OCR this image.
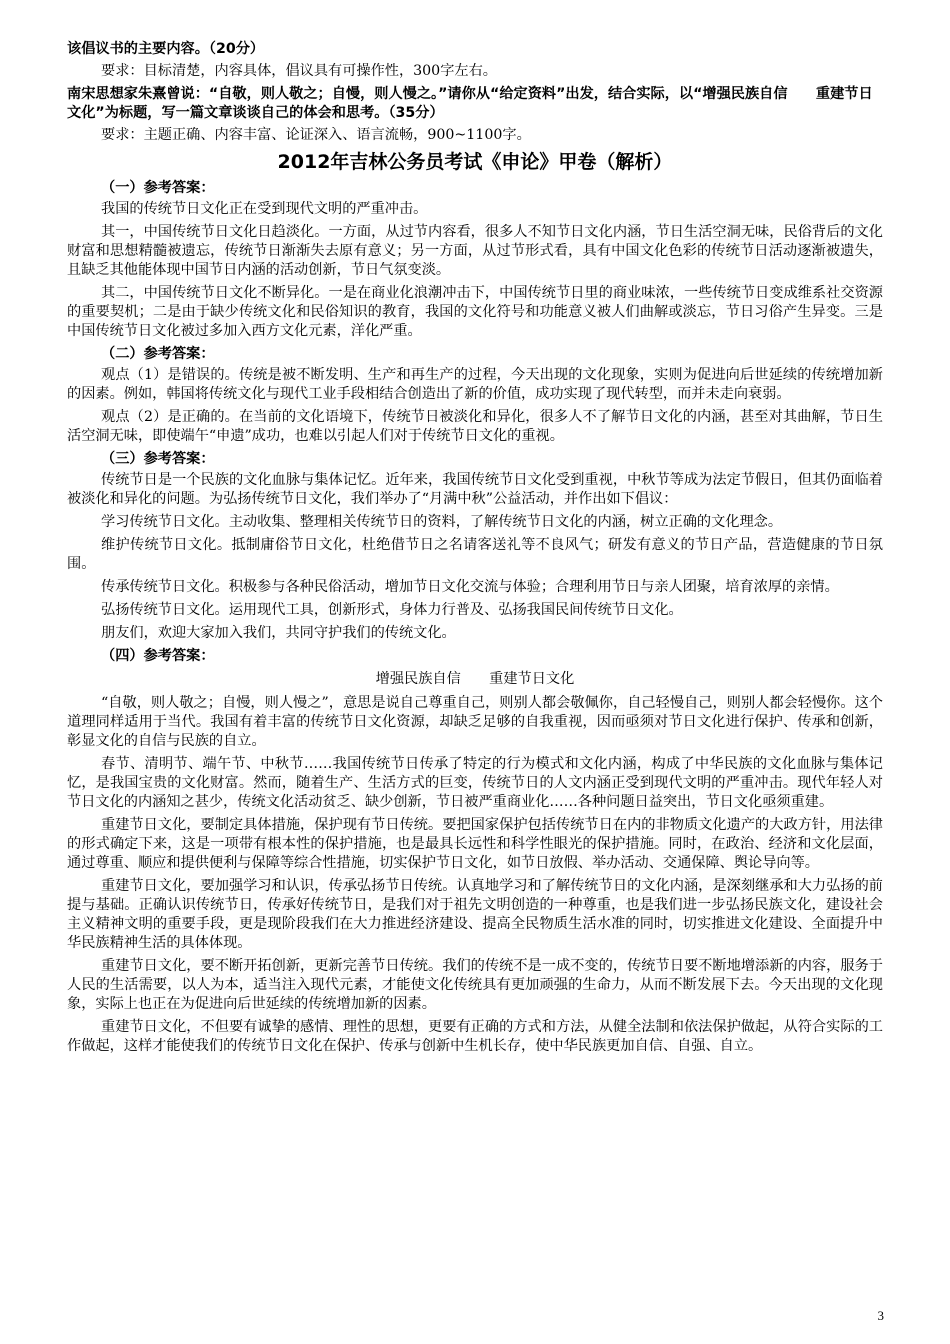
该倡议书的主要内容。（20分）

要求：目标清楚，内容具体，倡议具有可操作性，300字左右。

南宋思想家朱熹曾说：“自敬，则人敬之；自慢，则人慢之。”请你从“给定资料”出发，结合实际，以“增强民族自信　　重建节日文化”为标题，写一篇文章谈谈自己的体会和思考。（35分）

要求：主题正确、内容丰富、论证深入、语言流畅，900~1100字。

2012年吉林公务员考试《申论》甲卷（解析）
（一）参考答案：

我国的传统节日文化正在受到现代文明的严重冲击。

其一，中国传统节日文化日趋淡化。一方面，从过节内容看，很多人不知节日文化内涵，节日生活空洞无味，民俗背后的文化财富和思想精髓被遗忘，传统节日渐渐失去原有意义；另一方面，从过节形式看，具有中国文化色彩的传统节日活动逐渐被遗失，且缺乏其他能体现中国节日内涵的活动创新，节日气氛变淡。

其二，中国传统节日文化不断异化。一是在商业化浪潮冲击下，中国传统节日里的商业味浓，一些传统节日变成维系社交资源的重要契机；二是由于缺少传统文化和民俗知识的教育，我国的文化符号和功能意义被人们曲解或淡忘，节日习俗产生异变。三是中国传统节日文化被过多加入西方文化元素，洋化严重。

（二）参考答案：

观点（1）是错误的。传统是被不断发明、生产和再生产的过程，今天出现的文化现象，实则为促进向后世延续的传统增加新的因素。例如，韩国将传统文化与现代工业手段相结合创造出了新的价值，成功实现了现代转型，而并未走向衰弱。

观点（2）是正确的。在当前的文化语境下，传统节日被淡化和异化，很多人不了解节日文化的内涵，甚至对其曲解，节日生活空洞无味，即使端午“申遗”成功，也难以引起人们对于传统节日文化的重视。

（三）参考答案：

传统节日是一个民族的文化血脉与集体记忆。近年来，我国传统节日文化受到重视，中秋节等成为法定节假日，但其仍面临着被淡化和异化的问题。为弘扬传统节日文化，我们举办了“月满中秋”公益活动，并作出如下倡议：

学习传统节日文化。主动收集、整理相关传统节日的资料，了解传统节日文化的内涵，树立正确的文化理念。

维护传统节日文化。抵制庸俗节日文化，杜绝借节日之名请客送礼等不良风气；研发有意义的节日产品，营造健康的节日氛围。

传承传统节日文化。积极参与各种民俗活动，增加节日文化交流与体验；合理利用节日与亲人团聚，培育浓厚的亲情。

弘扬传统节日文化。运用现代工具，创新形式，身体力行普及、弘扬我国民间传统节日文化。

朋友们，欢迎大家加入我们，共同守护我们的传统文化。

（四）参考答案：
增强民族自信　　重建节日文化

“自敬，则人敬之；自慢，则人慢之”，意思是说自己尊重自己，则别人都会敬佩你，自己轻慢自己，则别人都会轻慢你。这个道理同样适用于当代。我国有着丰富的传统节日文化资源，却缺乏足够的自我重视，因而亟须对节日文化进行保护、传承和创新，彰显文化的自信与民族的自立。

春节、清明节、端午节、中秋节……我国传统节日传承了特定的行为模式和文化内涵，构成了中华民族的文化血脉与集体记忆，是我国宝贵的文化财富。然而，随着生产、生活方式的巨变，传统节日的人文内涵正受到现代文明的严重冲击。现代年轻人对节日文化的内涵知之甚少，传统文化活动贫乏、缺少创新，节日被严重商业化……各种问题日益突出，节日文化亟须重建。

重建节日文化，要制定具体措施，保护现有节日传统。要把国家保护包括传统节日在内的非物质文化遗产的大政方针，用法律的形式确定下来，这是一项带有根本性的保护措施，也是最具长远性和科学性眼光的保护措施。同时，在政治、经济和文化层面，通过尊重、顺应和提供便利与保障等综合性措施，切实保护节日文化，如节日放假、举办活动、交通保障、舆论导向等。

重建节日文化，要加强学习和认识，传承弘扬节日传统。认真地学习和了解传统节日的文化内涵，是深刻继承和大力弘扬的前提与基础。正确认识传统节日，传承好传统节日，是我们对于祖先文明创造的一种尊重，也是我们进一步弘扬民族文化，建设社会主义精神文明的重要手段，更是现阶段我们在大力推进经济建设、提高全民物质生活水准的同时，切实推进文化建设、全面提升中华民族精神生活的具体体现。

重建节日文化，要不断开拓创新，更新完善节日传统。我们的传统不是一成不变的，传统节日要不断地增添新的内容，服务于人民的生活需要，以人为本，适当注入现代元素，才能使文化传统具有更加顽强的生命力，从而不断发展下去。今天出现的文化现象，实际上也正在为促进向后世延续的传统增加新的因素。

重建节日文化，不但要有诚挚的感情、理性的思想，更要有正确的方式和方法，从健全法制和依法保护做起，从符合实际的工作做起，这样才能使我们的传统节日文化在保护、传承与创新中生机长存，使中华民族更加自信、自强、自立。

3
